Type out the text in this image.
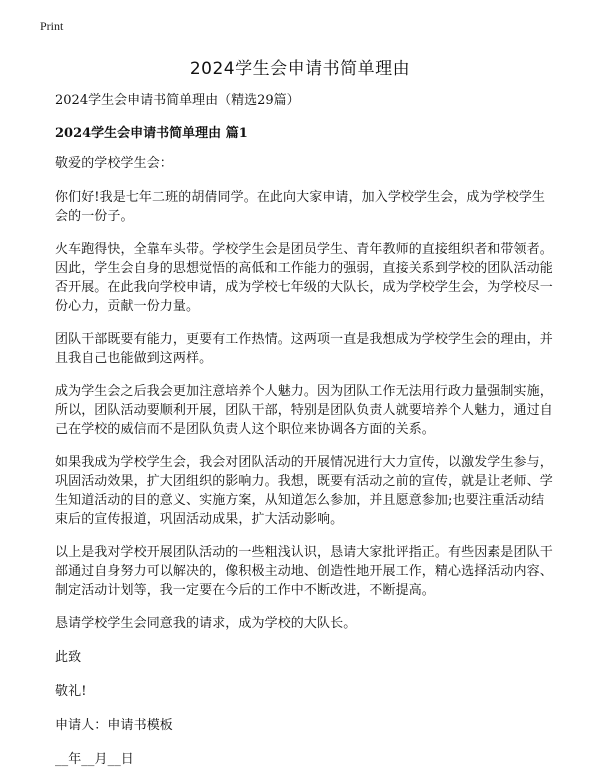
Print
2024学生会申请书简单理由

2024学生会申请书简单理由（精选29篇）

2024学生会申请书简单理由 篇1

敬爱的学校学生会：

你们好!我是七年二班的胡倩同学。在此向大家申请，加入学校学生会，成为学校学生会的一份子。

火车跑得快，全靠车头带。学校学生会是团员学生、青年教师的直接组织者和带领者。因此，学生会自身的思想觉悟的高低和工作能力的强弱，直接关系到学校的团队活动能否开展。在此我向学校申请，成为学校七年级的大队长，成为学校学生会，为学校尽一份心力，贡献一份力量。

团队干部既要有能力，更要有工作热情。这两项一直是我想成为学校学生会的理由，并且我自己也能做到这两样。

成为学生会之后我会更加注意培养个人魅力。因为团队工作无法用行政力量强制实施，所以，团队活动要顺利开展，团队干部，特别是团队负责人就要培养个人魅力，通过自己在学校的威信而不是团队负责人这个职位来协调各方面的关系。

如果我成为学校学生会，我会对团队活动的开展情况进行大力宣传，以激发学生参与，巩固活动效果，扩大团组织的影响力。我想，既要有活动之前的宣传，就是让老师、学生知道活动的目的意义、实施方案，从知道怎么参加，并且愿意参加;也要注重活动结束后的宣传报道，巩固活动成果，扩大活动影响。

以上是我对学校开展团队活动的一些粗浅认识，恳请大家批评指正。有些因素是团队干部通过自身努力可以解决的，像积极主动地、创造性地开展工作，精心选择活动内容、制定活动计划等，我一定要在今后的工作中不断改进，不断提高。

恳请学校学生会同意我的请求，成为学校的大队长。

此致

敬礼!

申请人：申请书模板

__年__月__日
